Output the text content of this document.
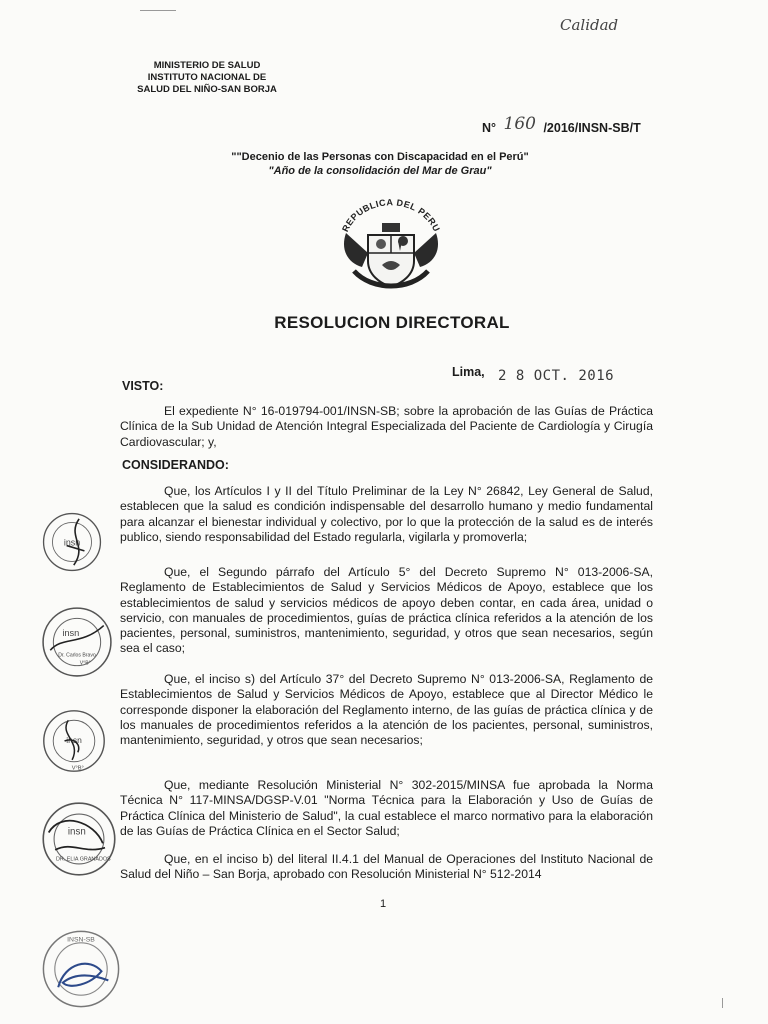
Calidad
MINISTERIO DE SALUD
INSTITUTO NACIONAL DE
SALUD DEL NIÑO-SAN BORJA
N° 160 /2016/INSN-SB/T
""Decenio de las Personas con Discapacidad en el Perú"
"Año de la consolidación del Mar de Grau"
REPUBLICA DEL PERU
RESOLUCION DIRECTORAL
Lima, 2 8 OCT. 2016
VISTO:

El expediente N° 16-019794-001/INSN-SB; sobre la aprobación de las Guías de Práctica Clínica de la Sub Unidad de Atención Integral Especializada del Paciente de Cardiología y Cirugía Cardiovascular; y,

CONSIDERANDO:

Que, los Artículos I y II del Título Preliminar de la Ley N° 26842, Ley General de Salud, establecen que la salud es condición indispensable del desarrollo humano y medio fundamental para alcanzar el bienestar individual y colectivo, por lo que la protección de la salud es de interés publico, siendo responsabilidad del Estado regularla, vigilarla y promoverla;

Que, el Segundo párrafo del Artículo 5° del Decreto Supremo N° 013-2006-SA, Reglamento de Establecimientos de Salud y Servicios Médicos de Apoyo, establece que los establecimientos de salud y servicios médicos de apoyo deben contar, en cada área, unidad o servicio, con manuales de procedimientos, guías de práctica clínica referidos a la atención de los pacientes, personal, suministros, mantenimiento, seguridad, y otros que sean necesarios, según sea el caso;

Que, el inciso s) del Artículo 37° del Decreto Supremo N° 013-2006-SA, Reglamento de Establecimientos de Salud y Servicios Médicos de Apoyo, establece que al Director Médico le corresponde disponer la elaboración del Reglamento interno, de las guías de práctica clínica y de los manuales de procedimientos referidos a la atención de los pacientes, personal, suministros, mantenimiento, seguridad, y otros que sean necesarios;

Que, mediante Resolución Ministerial N° 302-2015/MINSA fue aprobada la Norma Técnica N° 117-MINSA/DGSP-V.01 "Norma Técnica para la Elaboración y Uso de Guías de Práctica Clínica del Ministerio de Salud", la cual establece el marco normativo para la elaboración de las Guías de Práctica Clínica en el Sector Salud;

Que, en el inciso b) del literal II.4.1 del Manual de Operaciones del Instituto Nacional de Salud del Niño – San Borja, aprobado con Resolución Ministerial N° 512-2014

1
insn
insn
Dr. Carlos Bravo
V°B°
insn
V°B°
insn
DR. ELIA GRANADOS
INSN-SB
